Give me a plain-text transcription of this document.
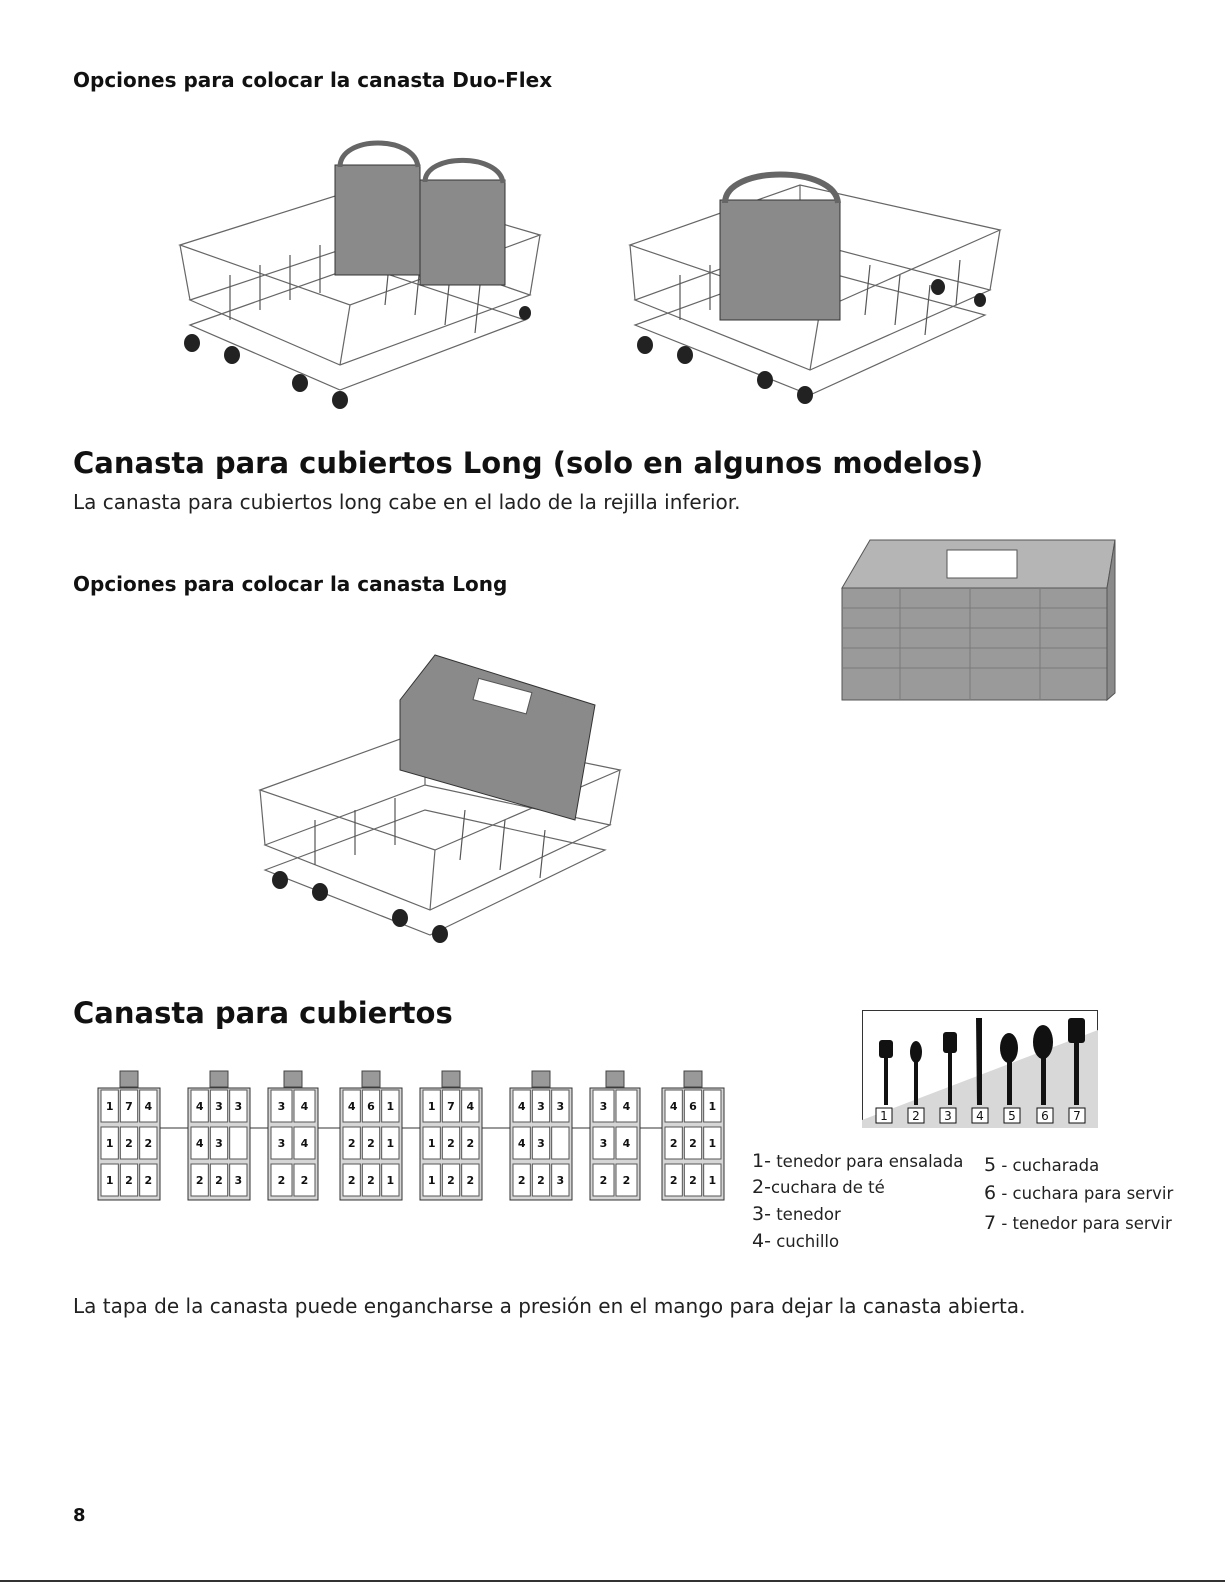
Opciones para colocar la canasta Duo-Flex
Canasta para cubiertos Long (solo en algunos modelos)
La canasta para cubiertos long cabe en el lado de la rejilla inferior.
Opciones para colocar la canasta Long
Canasta para cubiertos
1 7 4
1 2 2
1 2 2
4 3 3
4 3
2 2 3
3 4
3 4
2 2
4 6 1
2 2 1
2 2 1
1 7 4
1 2 2
1 2 2
4 3 3
4 3
2 2 3
3 4
3 4
2 2
4 6 1
2 2 1
2 2 1
1 2 3 4 5 6 7
1- tenedor para ensalada
2-cuchara de té
3- tenedor
4- cuchillo
5 - cucharada
6 - cuchara para servir
7 - tenedor para servir
La tapa de la canasta puede engancharse a presión en el mango para dejar la canasta abierta.
8
